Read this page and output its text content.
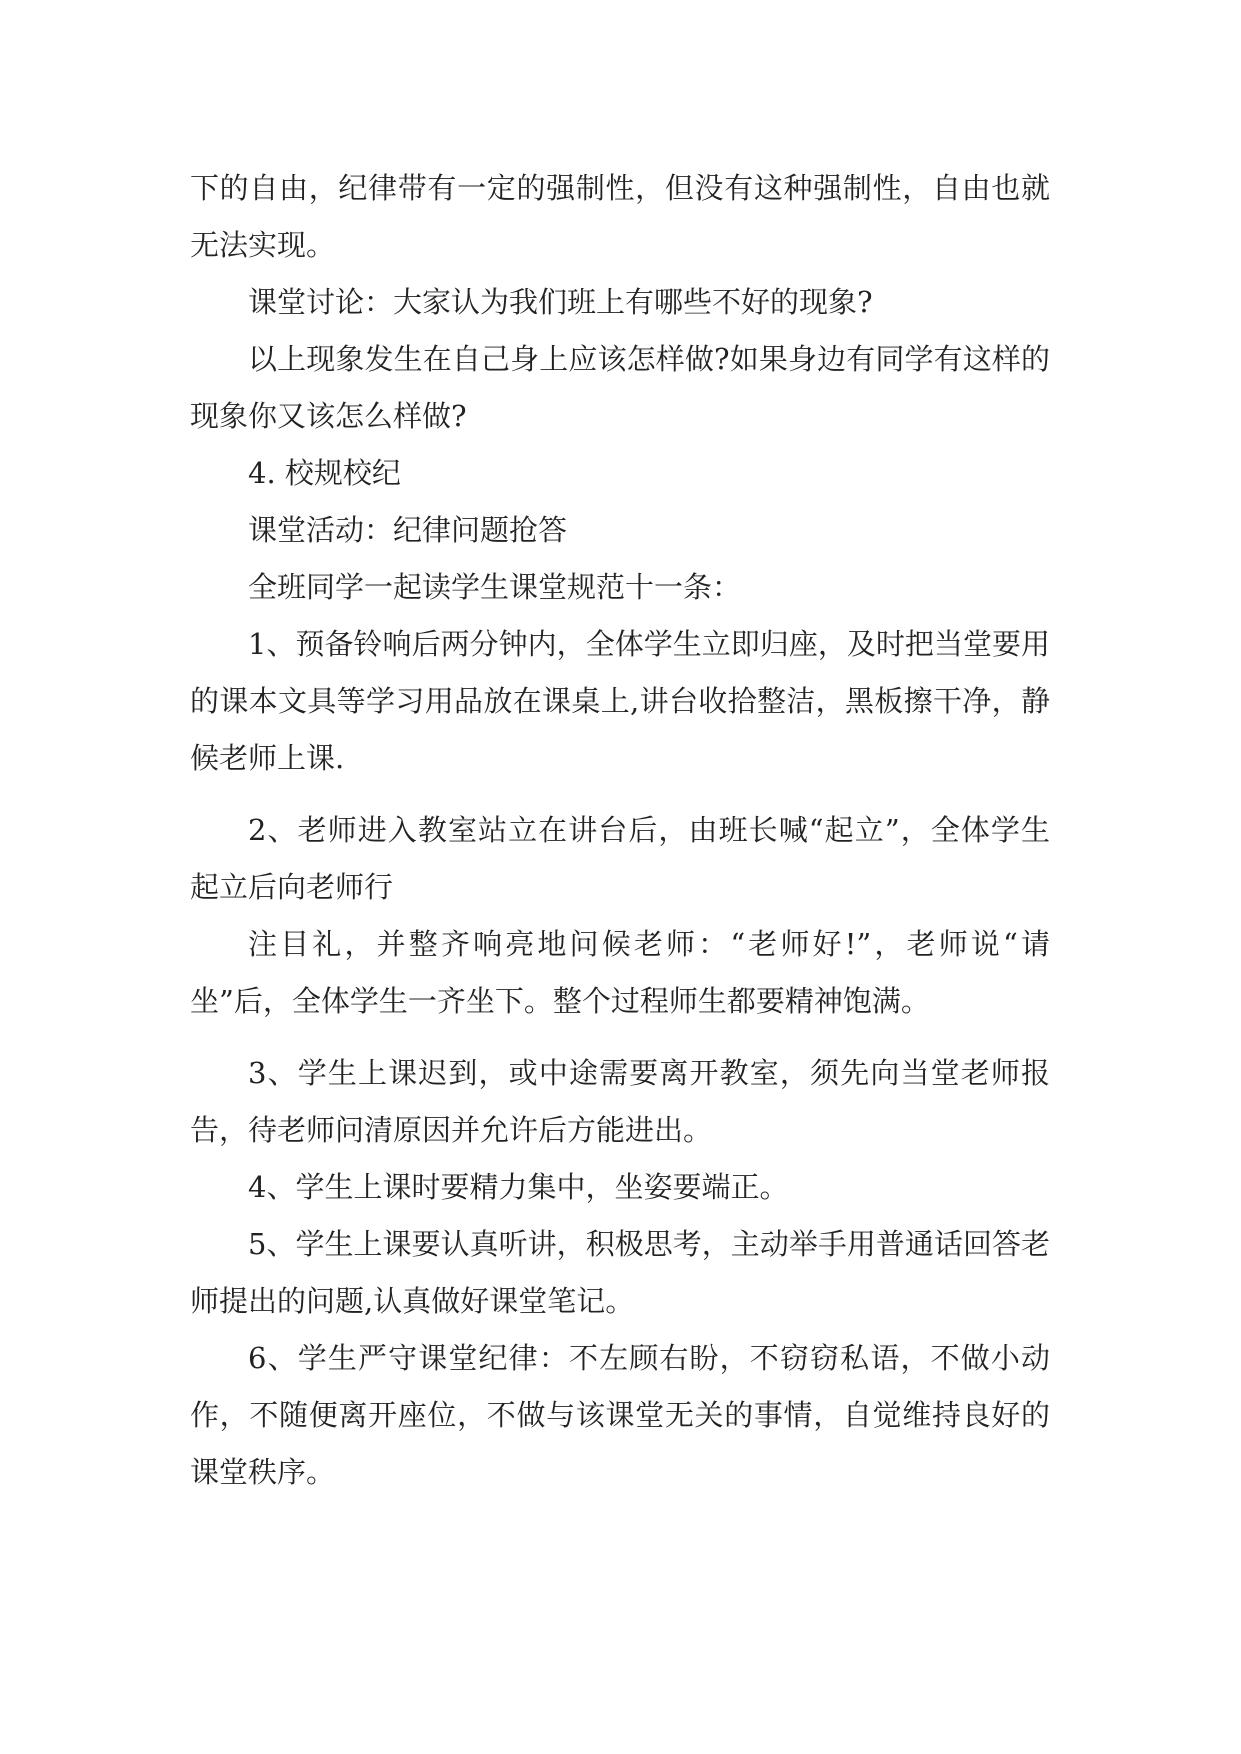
下的自由，纪律带有一定的强制性，但没有这种强制性，自由也就无法实现。

课堂讨论：大家认为我们班上有哪些不好的现象?

以上现象发生在自己身上应该怎样做?如果身边有同学有这样的现象你又该怎么样做?

4. 校规校纪

课堂活动：纪律问题抢答

全班同学一起读学生课堂规范十一条：

1、预备铃响后两分钟内，全体学生立即归座，及时把当堂要用的课本文具等学习用品放在课桌上,讲台收拾整洁，黑板擦干净，静候老师上课.

2、老师进入教室站立在讲台后，由班长喊“起立”，全体学生起立后向老师行

注目礼，并整齐响亮地问候老师：“老师好!”，老师说“请坐”后，全体学生一齐坐下。整个过程师生都要精神饱满。

3、学生上课迟到，或中途需要离开教室，须先向当堂老师报告，待老师问清原因并允许后方能进出。

4、学生上课时要精力集中，坐姿要端正。

5、学生上课要认真听讲，积极思考，主动举手用普通话回答老师提出的问题,认真做好课堂笔记。

6、学生严守课堂纪律：不左顾右盼，不窃窃私语，不做小动作，不随便离开座位，不做与该课堂无关的事情，自觉维持良好的课堂秩序。
